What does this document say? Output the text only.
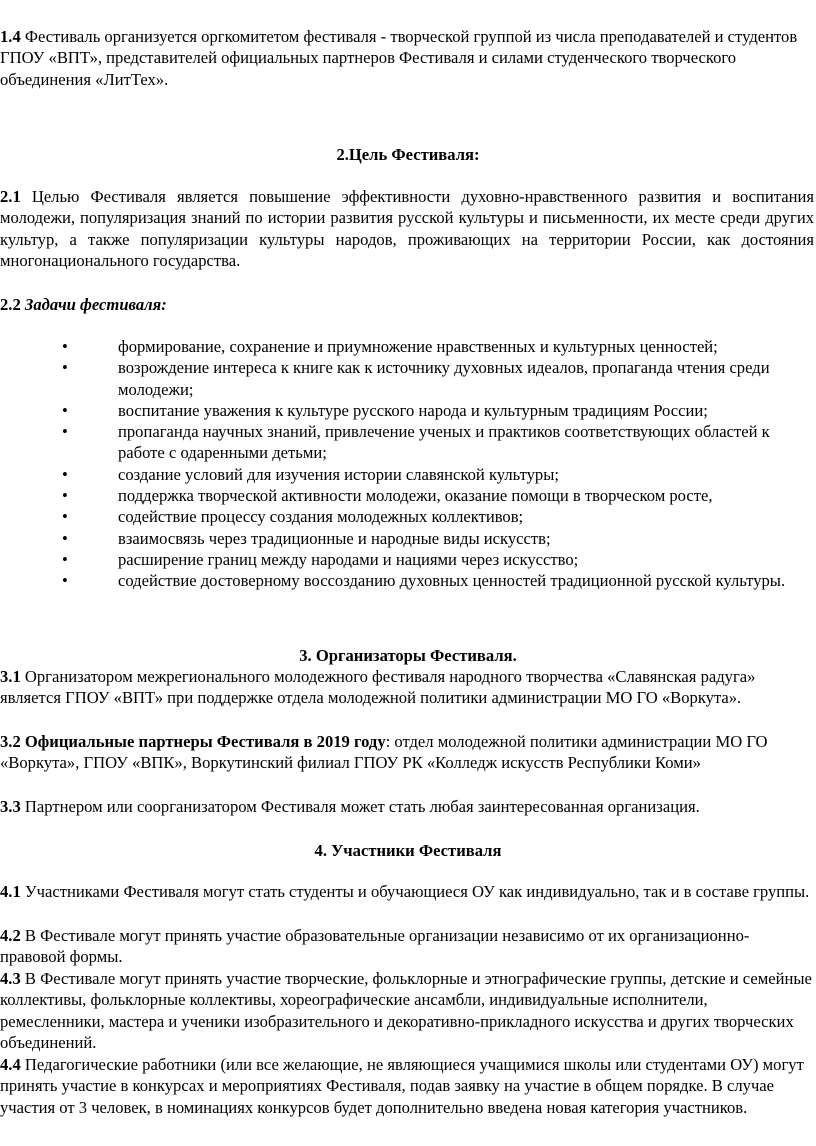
1.4 Фестиваль организуется оргкомитетом фестиваля - творческой группой из числа преподавателей и студентов ГПОУ «ВПТ», представителей официальных партнеров Фестиваля и силами студенческого творческого объединения «ЛитТех».

2.Цель Фестиваля:

2.1 Целью Фестиваля является повышение эффективности духовно-нравственного развития и воспитания молодежи, популяризация знаний по истории развития русской культуры и письменности, их месте среди других культур, а также популяризации культуры народов, проживающих на территории России, как достояния многонационального государства.

2.2 Задачи фестиваля:

•	формирование, сохранение и приумножение нравственных и культурных ценностей;
•	возрождение интереса к книге как к источнику духовных идеалов, пропаганда чтения среди молодежи;
•	воспитание уважения к культуре русского народа и культурным традициям России;
•	пропаганда научных знаний, привлечение ученых и практиков соответствующих областей к работе с одаренными детьми;
•	создание условий для изучения истории славянской культуры;
•	поддержка творческой активности молодежи, оказание помощи в творческом росте,
•	содействие процессу создания молодежных коллективов;
•	взаимосвязь через традиционные и народные виды искусств;
•	расширение границ между народами и нациями через искусство;
•	содействие достоверному воссозданию духовных ценностей традиционной русской культуры.

3. Организаторы Фестиваля.

3.1 Организатором межрегионального молодежного фестиваля народного творчества «Славянская радуга» является ГПОУ «ВПТ» при поддержке отдела молодежной политики администрации МО ГО «Воркута».

3.2 Официальные партнеры Фестиваля в 2019 году: отдел молодежной политики администрации МО ГО «Воркута», ГПОУ «ВПК», Воркутинский филиал ГПОУ РК «Колледж искусств Республики Коми»

3.3 Партнером или соорганизатором Фестиваля может стать любая заинтересованная организация.

4. Участники Фестиваля

4.1 Участниками Фестиваля могут стать студенты и обучающиеся ОУ как индивидуально, так и в составе группы.

4.2 В Фестивале могут принять участие образовательные организации независимо от их организационно-правовой формы.

4.3 В Фестивале могут принять участие творческие, фольклорные и этнографические группы, детские и семейные коллективы, фольклорные коллективы, хореографические ансамбли, индивидуальные исполнители, ремесленники, мастера и ученики изобразительного и декоративно-прикладного искусства и других творческих объединений.

4.4 Педагогические работники (или все желающие, не являющиеся учащимися школы или студентами ОУ) могут принять участие в конкурсах и мероприятиях Фестиваля, подав заявку на участие в общем порядке. В случае участия от 3 человек, в номинациях конкурсов будет дополнительно введена новая категория участников.
